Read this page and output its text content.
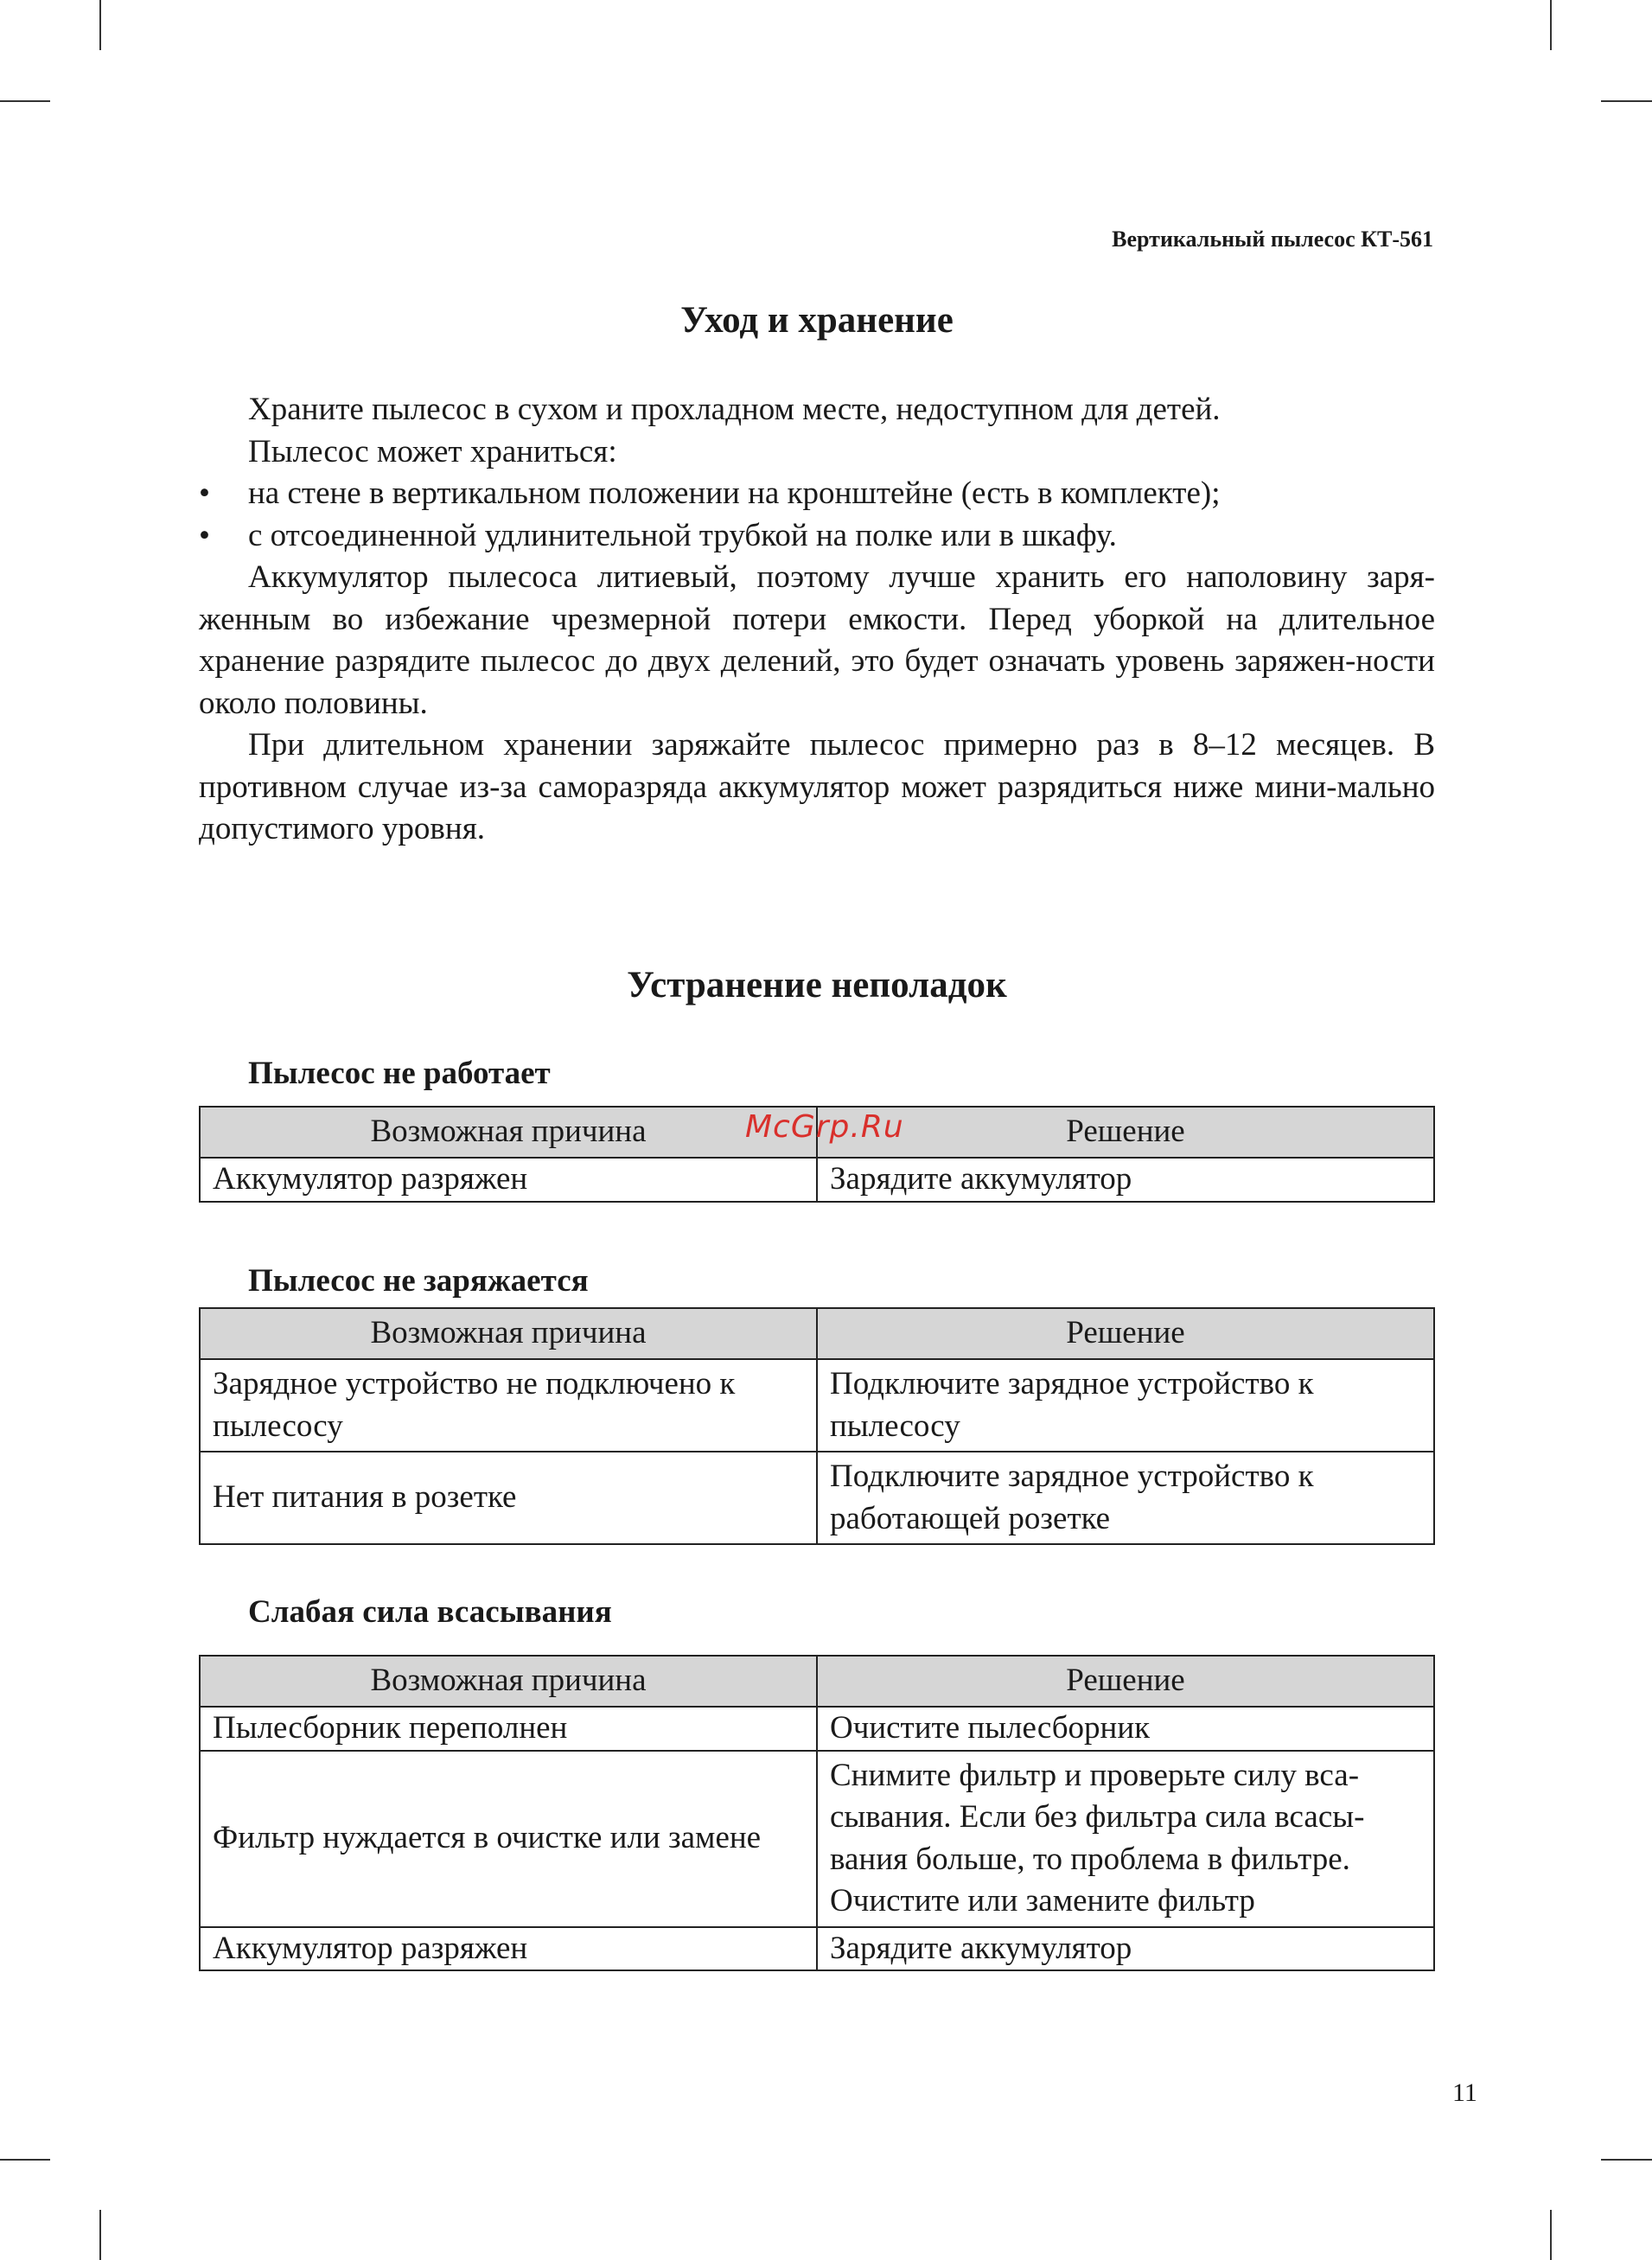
Вертикальный пылесос КТ-561
Уход и хранение

Храните пылесос в сухом и прохладном месте, недоступном для детей.

Пылесос может храниться:

• на стене в вертикальном положении на кронштейне (есть в комплекте);
• с отсоединенной удлинительной трубкой на полке или в шкафу.

Аккумулятор пылесоса литиевый, поэтому лучше хранить его наполовину заря-женным во избежание чрезмерной потери емкости. Перед уборкой на длительное хранение разрядите пылесос до двух делений, это будет означать уровень заряжен-ности около половины.

При длительном хранении заряжайте пылесос примерно раз в 8–12 месяцев. В противном случае из-за саморазряда аккумулятор может разрядиться ниже мини-мально допустимого уровня.

Устранение неполадок
Пылесос не работает
Возможная причина	Решение
Аккумулятор разряжен	Зарядите аккумулятор
Пылесос не заряжается
Возможная причина	Решение
Зарядное устройство не подключено к пылесосу	Подключите зарядное устройство к пылесосу
Нет питания в розетке	Подключите зарядное устройство к работающей розетке
Слабая сила всасывания
Возможная причина	Решение
Пылесборник переполнен	Очистите пылесборник
Фильтр нуждается в очистке или замене	Снимите фильтр и проверьте силу вса-сывания. Если без фильтра сила всасы-вания больше, то проблема в фильтре. Очистите или замените фильтр
Аккумулятор разряжен	Зарядите аккумулятор
McGrp.Ru
11
